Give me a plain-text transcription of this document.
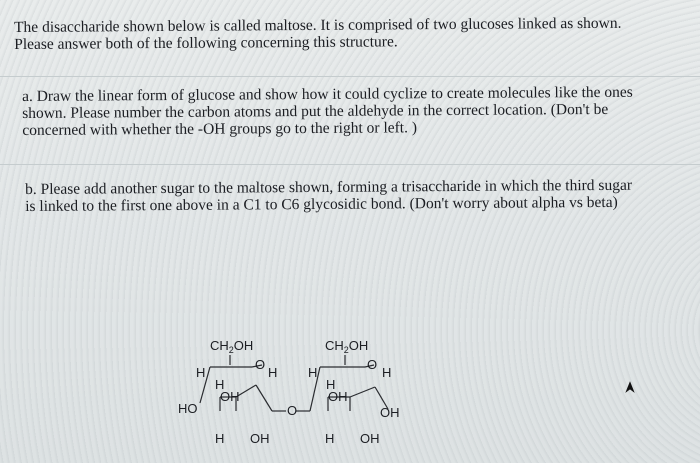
The disaccharide shown below is called maltose. It is comprised of two glucoses linked as shown.
Please answer both of the following concerning this structure.
a. Draw the linear form of glucose and show how it could cyclize to create molecules like the ones
shown. Please number the carbon atoms and put the aldehyde in the correct location. (Don't be
concerned with whether the -OH groups go to the right or left. )
b. Please add another sugar to the maltose shown, forming a trisaccharide in which the third sugar
is linked to the first one above in a C1 to C6 glycosidic bond. (Don't worry about alpha vs beta)
$CH_2OH$
O
H	H
H
OH
HO
H OH
O
$CH_2OH$
O
H	H
H
OH
OH
H OH
